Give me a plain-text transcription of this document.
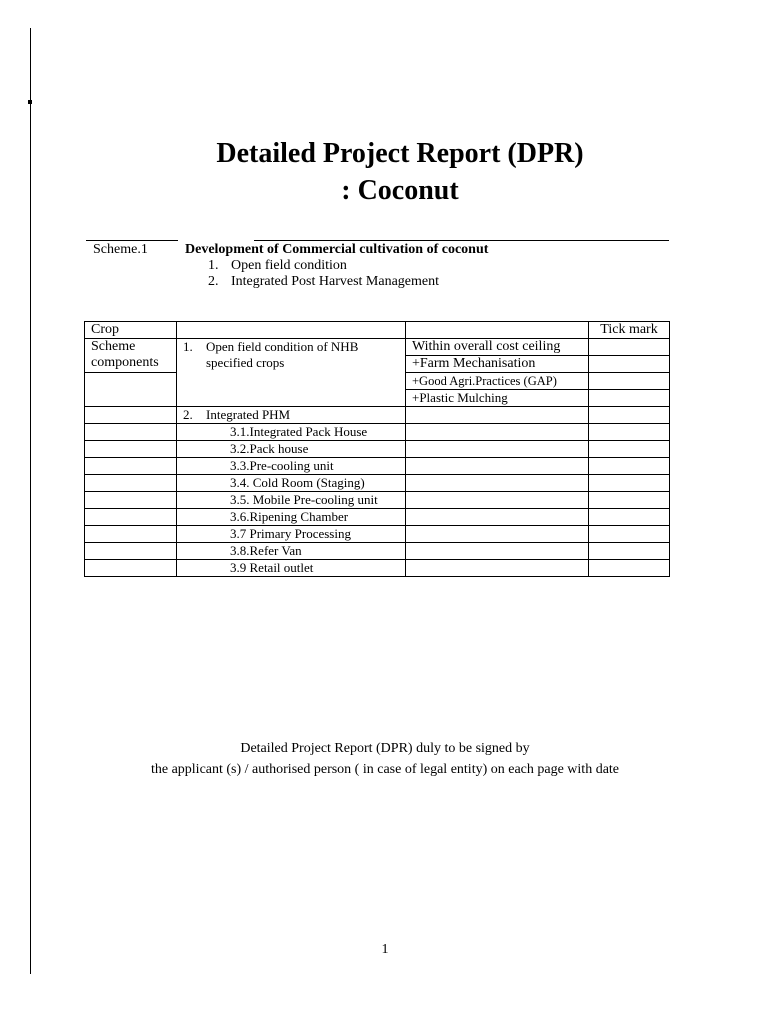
Detailed Project Report (DPR)
: Coconut
Scheme.1	Development of Commercial cultivation of coconut
1. Open field condition
2. Integrated Post Harvest Management
Crop			Tick mark
Scheme components	1. Open field condition of NHB specified crops	Within overall cost ceiling	
		+Farm Mechanisation	
		+Good Agri.Practices (GAP)	
		+Plastic Mulching	
	2. Integrated PHM		
	3.1.Integrated Pack House		
	3.2.Pack house		
	3.3.Pre-cooling unit		
	3.4. Cold Room (Staging)		
	3.5. Mobile Pre-cooling unit		
	3.6.Ripening Chamber		
	3.7 Primary Processing		
	3.8.Refer Van		
	3.9 Retail outlet		
Detailed Project Report (DPR) duly to be signed by
the applicant (s) / authorised person ( in case of legal entity) on each page with date
1
